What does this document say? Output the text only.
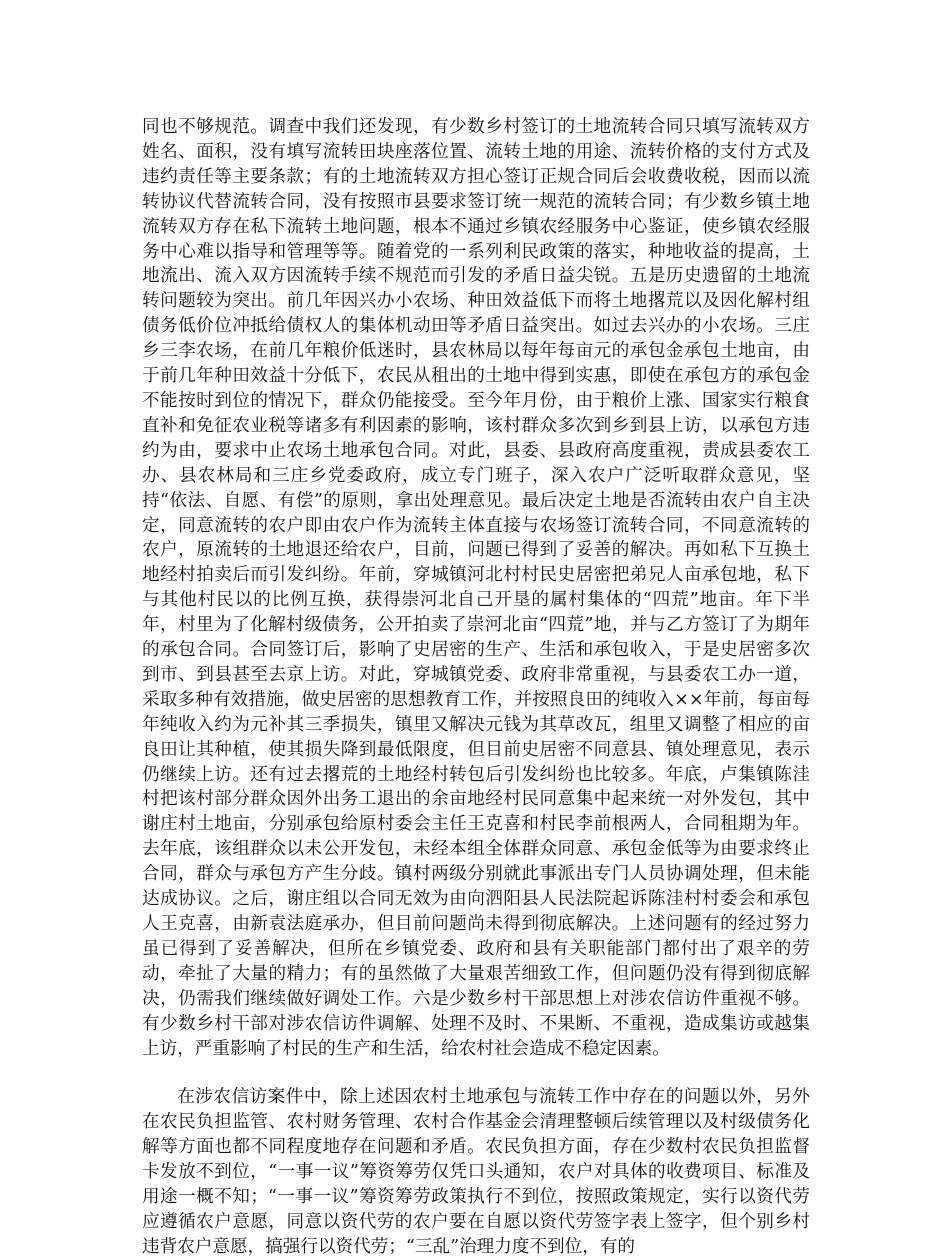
同也不够规范。调查中我们还发现，有少数乡村签订的土地流转合同只填写流转双方姓名、面积，没有填写流转田块座落位置、流转土地的用途、流转价格的支付方式及违约责任等主要条款；有的土地流转双方担心签订正规合同后会收费收税，因而以流转协议代替流转合同，没有按照市县要求签订统一规范的流转合同；有少数乡镇土地流转双方存在私下流转土地问题，根本不通过乡镇农经服务中心鉴证，使乡镇农经服务中心难以指导和管理等等。随着党的一系列利民政策的落实，种地收益的提高，土地流出、流入双方因流转手续不规范而引发的矛盾日益尖锐。五是历史遗留的土地流转问题较为突出。前几年因兴办小农场、种田效益低下而将土地撂荒以及因化解村组债务低价位冲抵给债权人的集体机动田等矛盾日益突出。如过去兴办的小农场。三庄乡三李农场，在前几年粮价低迷时，县农林局以每年每亩元的承包金承包土地亩，由于前几年种田效益十分低下，农民从租出的土地中得到实惠，即使在承包方的承包金不能按时到位的情况下，群众仍能接受。至今年月份，由于粮价上涨、国家实行粮食直补和免征农业税等诸多有利因素的影响，该村群众多次到乡到县上访，以承包方违约为由，要求中止农场土地承包合同。对此，县委、县政府高度重视，责成县委农工办、县农林局和三庄乡党委政府，成立专门班子，深入农户广泛听取群众意见，坚持“依法、自愿、有偿”的原则，拿出处理意见。最后决定土地是否流转由农户自主决定，同意流转的农户即由农户作为流转主体直接与农场签订流转合同，不同意流转的农户，原流转的土地退还给农户，目前，问题已得到了妥善的解决。再如私下互换土地经村拍卖后而引发纠纷。年前，穿城镇河北村村民史居密把弟兄人亩承包地，私下与其他村民以的比例互换，获得崇河北自己开垦的属村集体的“四荒”地亩。年下半年，村里为了化解村级债务，公开拍卖了崇河北亩“四荒”地，并与乙方签订了为期年的承包合同。合同签订后，影响了史居密的生产、生活和承包收入，于是史居密多次到市、到县甚至去京上访。对此，穿城镇党委、政府非常重视，与县委农工办一道，采取多种有效措施，做史居密的思想教育工作，并按照良田的纯收入××年前，每亩每年纯收入约为元补其三季损失，镇里又解决元钱为其草改瓦，组里又调整了相应的亩良田让其种植，使其损失降到最低限度，但目前史居密不同意县、镇处理意见，表示仍继续上访。还有过去撂荒的土地经村转包后引发纠纷也比较多。年底，卢集镇陈洼村把该村部分群众因外出务工退出的余亩地经村民同意集中起来统一对外发包，其中谢庄村土地亩，分别承包给原村委会主任王克喜和村民李前根两人，合同租期为年。去年底，该组群众以未公开发包，未经本组全体群众同意、承包金低等为由要求终止合同，群众与承包方产生分歧。镇村两级分别就此事派出专门人员协调处理，但未能达成协议。之后，谢庄组以合同无效为由向泗阳县人民法院起诉陈洼村村委会和承包人王克喜，由新袁法庭承办，但目前问题尚未得到彻底解决。上述问题有的经过努力虽已得到了妥善解决，但所在乡镇党委、政府和县有关职能部门都付出了艰辛的劳动，牵扯了大量的精力；有的虽然做了大量艰苦细致工作，但问题仍没有得到彻底解决，仍需我们继续做好调处工作。六是少数乡村干部思想上对涉农信访件重视不够。有少数乡村干部对涉农信访件调解、处理不及时、不果断、不重视，造成集访或越集上访，严重影响了村民的生产和生活，给农村社会造成不稳定因素。

在涉农信访案件中，除上述因农村土地承包与流转工作中存在的问题以外，另外在农民负担监管、农村财务管理、农村合作基金会清理整顿后续管理以及村级债务化解等方面也都不同程度地存在问题和矛盾。农民负担方面，存在少数村农民负担监督卡发放不到位，“一事一议”筹资筹劳仅凭口头通知，农户对具体的收费项目、标准及用途一概不知；“一事一议”筹资筹劳政策执行不到位，按照政策规定，实行以资代劳应遵循农户意愿，同意以资代劳的农户要在自愿以资代劳签字表上签字，但个别乡村违背农户意愿，搞强行以资代劳；“三乱”治理力度不到位，有的
